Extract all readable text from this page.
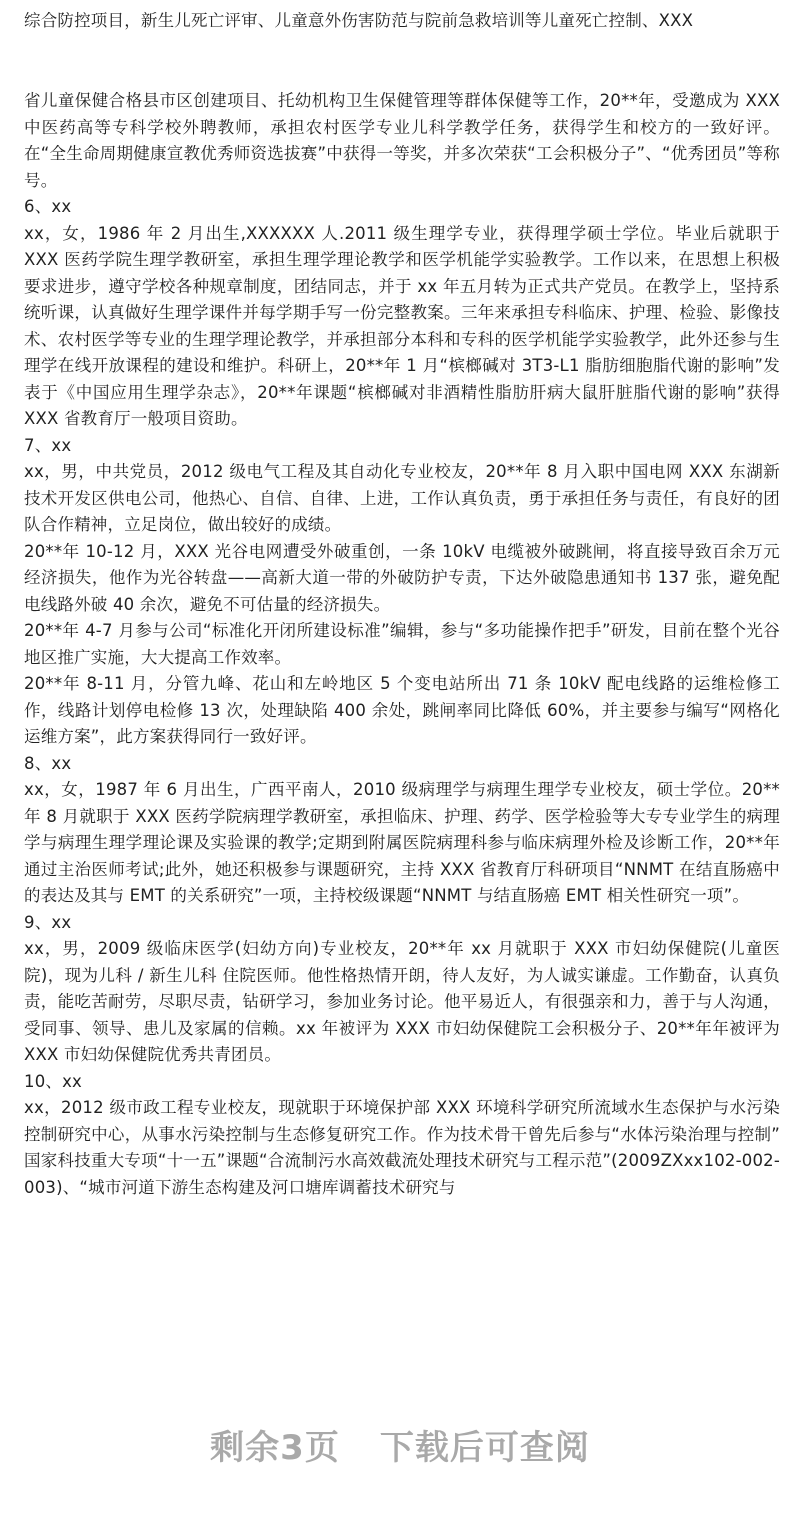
综合防控项目，新生儿死亡评审、儿童意外伤害防范与院前急救培训等儿童死亡控制、XXX

省儿童保健合格县市区创建项目、托幼机构卫生保健管理等群体保健等工作，20**年，受邀成为 XXX 中医药高等专科学校外聘教师，承担农村医学专业儿科学教学任务，获得学生和校方的一致好评。在“全生命周期健康宣教优秀师资选拔赛”中获得一等奖，并多次荣获“工会积极分子”、“优秀团员”等称号。

6、xx

xx，女，1986 年 2 月出生,XXXXXX 人.2011 级生理学专业，获得理学硕士学位。毕业后就职于 XXX 医药学院生理学教研室，承担生理学理论教学和医学机能学实验教学。工作以来，在思想上积极要求进步，遵守学校各种规章制度，团结同志，并于 xx 年五月转为正式共产党员。在教学上，坚持系统听课，认真做好生理学课件并每学期手写一份完整教案。三年来承担专科临床、护理、检验、影像技术、农村医学等专业的生理学理论教学，并承担部分本科和专科的医学机能学实验教学，此外还参与生理学在线开放课程的建设和维护。科研上，20**年 1 月“槟榔碱对 3T3-L1 脂肪细胞脂代谢的影响”发表于《中国应用生理学杂志》，20**年课题“槟榔碱对非酒精性脂肪肝病大鼠肝脏脂代谢的影响”获得 XXX 省教育厅一般项目资助。

7、xx

xx，男，中共党员，2012 级电气工程及其自动化专业校友，20**年 8 月入职中国电网 XXX 东湖新技术开发区供电公司，他热心、自信、自律、上进，工作认真负责，勇于承担任务与责任，有良好的团队合作精神，立足岗位，做出较好的成绩。

20**年 10-12 月，XXX 光谷电网遭受外破重创，一条 10kV 电缆被外破跳闸，将直接导致百余万元经济损失，他作为光谷转盘——高新大道一带的外破防护专责，下达外破隐患通知书 137 张，避免配电线路外破 40 余次，避免不可估量的经济损失。

20**年 4-7 月参与公司“标准化开闭所建设标准”编辑，参与“多功能操作把手”研发，目前在整个光谷地区推广实施，大大提高工作效率。

20**年 8-11 月，分管九峰、花山和左岭地区 5 个变电站所出 71 条 10kV 配电线路的运维检修工作，线路计划停电检修 13 次，处理缺陷 400 余处，跳闸率同比降低 60%，并主要参与编写“网格化运维方案”，此方案获得同行一致好评。

8、xx

xx，女，1987 年 6 月出生，广西平南人，2010 级病理学与病理生理学专业校友，硕士学位。20**年 8 月就职于 XXX 医药学院病理学教研室，承担临床、护理、药学、医学检验等大专专业学生的病理学与病理生理学理论课及实验课的教学;定期到附属医院病理科参与临床病理外检及诊断工作，20**年通过主治医师考试;此外，她还积极参与课题研究，主持 XXX 省教育厅科研项目“NNMT 在结直肠癌中的表达及其与 EMT 的关系研究”一项，主持校级课题“NNMT 与结直肠癌 EMT 相关性研究一项”。

9、xx

xx，男，2009 级临床医学(妇幼方向)专业校友，20**年 xx 月就职于 XXX 市妇幼保健院(儿童医院)，现为儿科 / 新生儿科 住院医师。他性格热情开朗，待人友好，为人诚实谦虚。工作勤奋，认真负责，能吃苦耐劳，尽职尽责，钻研学习，参加业务讨论。他平易近人，有很强亲和力，善于与人沟通，受同事、领导、患儿及家属的信赖。xx 年被评为 XXX 市妇幼保健院工会积极分子、20**年年被评为 XXX 市妇幼保健院优秀共青团员。

10、xx

xx，2012 级市政工程专业校友，现就职于环境保护部 XXX 环境科学研究所流域水生态保护与水污染控制研究中心，从事水污染控制与生态修复研究工作。作为技术骨干曾先后参与“水体污染治理与控制” 国家科技重大专项“十一五”课题“合流制污水高效截流处理技术研究与工程示范”(2009ZXxx102-002-003)、“城市河道下游生态构建及河口塘库调蓄技术研究与

剩余3页 下载后可查阅
